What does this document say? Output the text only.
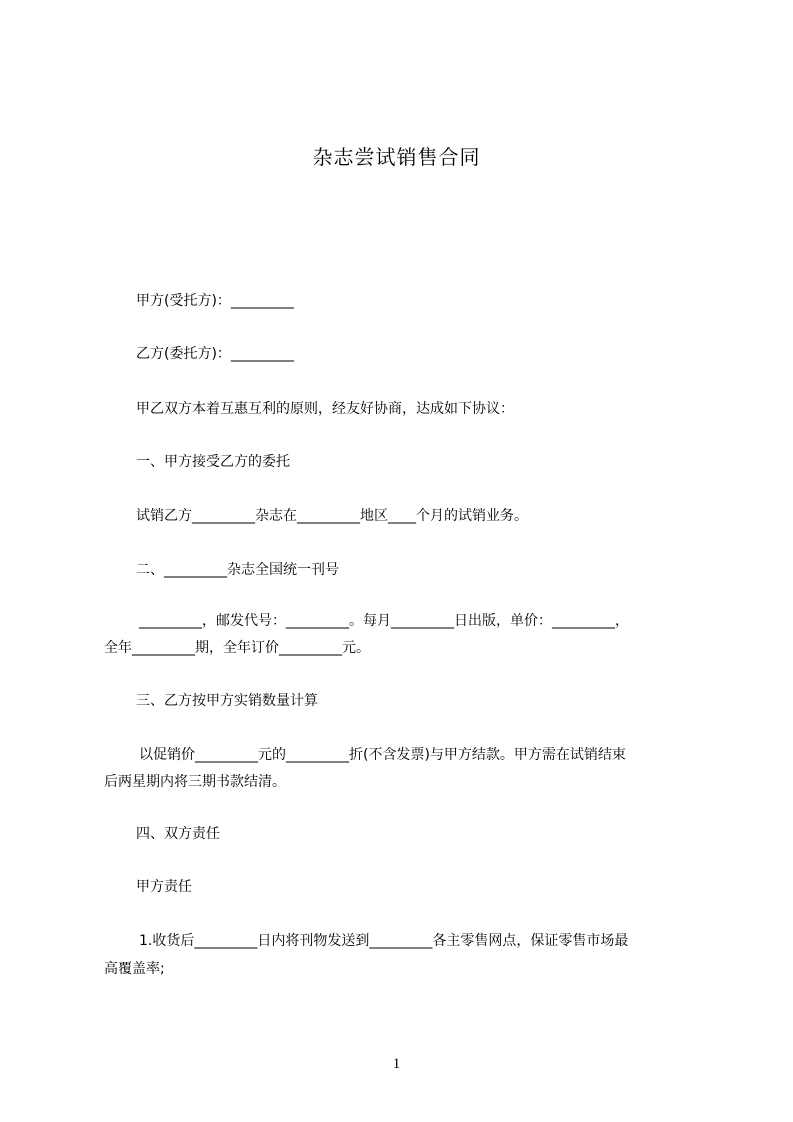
杂志尝试销售合同
甲方(受托方)：_________
乙方(委托方)：_________
甲乙双方本着互惠互利的原则，经友好协商，达成如下协议：
一、甲方接受乙方的委托
试销乙方_________杂志在_________地区____个月的试销业务。
二、_________杂志全国统一刊号
_________，邮发代号：_________。每月_________日出版，单价：_________，
全年_________期，全年订价_________元。
三、乙方按甲方实销数量计算
以促销价_________元的_________折(不含发票)与甲方结款。甲方需在试销结束
后两星期内将三期书款结清。
四、双方责任
甲方责任
1.收货后_________日内将刊物发送到_________各主零售网点，保证零售市场最
高覆盖率;
1
